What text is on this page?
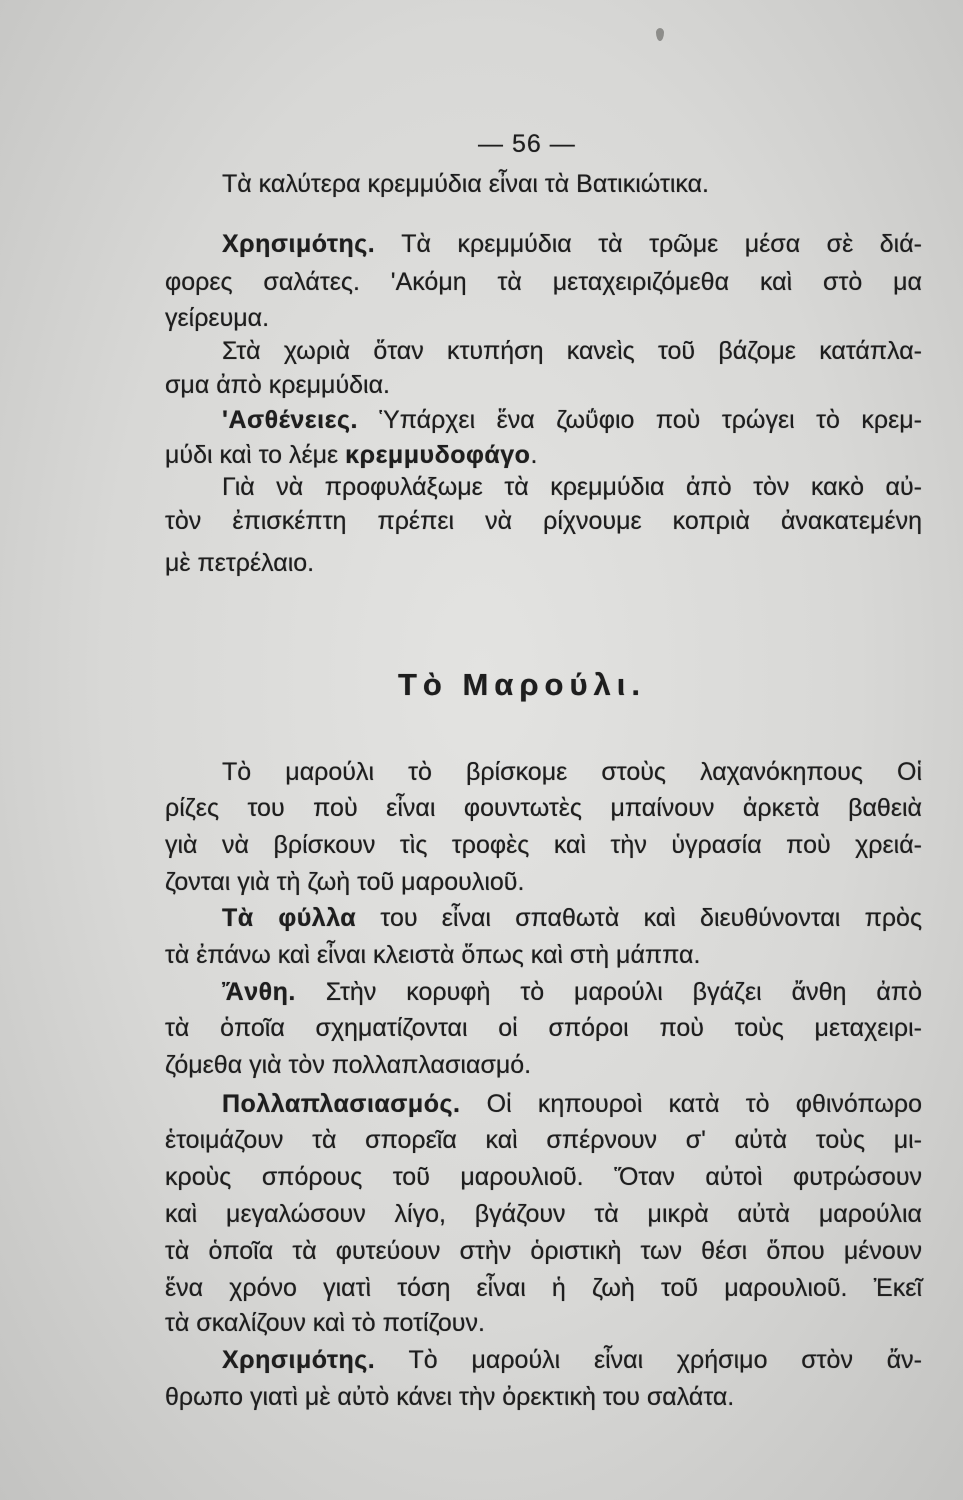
— 56 —
Τὰ καλύτερα κρεμμύδια εἶναι τὰ Βατικιώτικα.
Χρησιμότης. Τὰ κρεμμύδια τὰ τρῶμε μέσα σὲ διά-
φορες σαλάτες. 'Ακόμη τὰ μεταχειριζόμεθα καὶ στὸ μα
γείρευμα.
Στὰ χωριὰ ὅταν κτυπήση κανεὶς τοῦ βάζομε κατάπλα-
σμα ἀπὸ κρεμμύδια.
'Ασθένειες. Ὑπάρχει ἕνα ζωΰφιο ποὺ τρώγει τὸ κρεμ-
μύδι καὶ το λέμε κρεμμυδοφάγο.
Γιὰ νὰ προφυλάξωμε τὰ κρεμμύδια ἀπὸ τὸν κακὸ αὐ-
τὸν ἐπισκέπτη πρέπει νὰ ρίχνουμε κοπριὰ ἀνακατεμένη
μὲ πετρέλαιο.
Τὸ Μαρούλι.
Τὸ μαρούλι τὸ βρίσκομε στοὺς λαχανόκηπους Οἱ
ρίζες του ποὺ εἶναι φουντωτὲς μπαίνουν ἀρκετὰ βαθειὰ
γιὰ νὰ βρίσκουν τὶς τροφὲς καὶ τὴν ὑγρασία ποὺ χρειά-
ζονται γιὰ τὴ ζωὴ τοῦ μαρουλιοῦ.
Τὰ φύλλα του εἶναι σπαθωτὰ καὶ διευθύνονται πρὸς
τὰ ἐπάνω καὶ εἶναι κλειστὰ ὅπως καὶ στὴ μάππα.
Ἄνθη. Στὴν κορυφὴ τὸ μαρούλι βγάζει ἄνθη ἀπὸ
τὰ ὁποῖα σχηματίζονται οἱ σπόροι ποὺ τοὺς μεταχειρι-
ζόμεθα γιὰ τὸν πολλαπλασιασμό.
Πολλαπλασιασμός. Οἱ κηπουροὶ κατὰ τὸ φθινόπωρο
ἑτοιμάζουν τὰ σπορεῖα καὶ σπέρνουν σ' αὐτὰ τοὺς μι-
κροὺς σπόρους τοῦ μαρουλιοῦ. Ὅταν αὐτοὶ φυτρώσουν
καὶ μεγαλώσουν λίγο, βγάζουν τὰ μικρὰ αὐτὰ μαρούλια
τὰ ὁποῖα τὰ φυτεύουν στὴν ὁριστικὴ των θέσι ὅπου μένουν
ἕνα χρόνο γιατὶ τόση εἶναι ἡ ζωὴ τοῦ μαρουλιοῦ. Ἐκεῖ
τὰ σκαλίζουν καὶ τὸ ποτίζουν.
Χρησιμότης. Τὸ μαρούλι εἶναι χρήσιμο στὸν ἄν-
θρωπο γιατὶ μὲ αὐτὸ κάνει τὴν ὀρεκτικὴ του σαλάτα.
